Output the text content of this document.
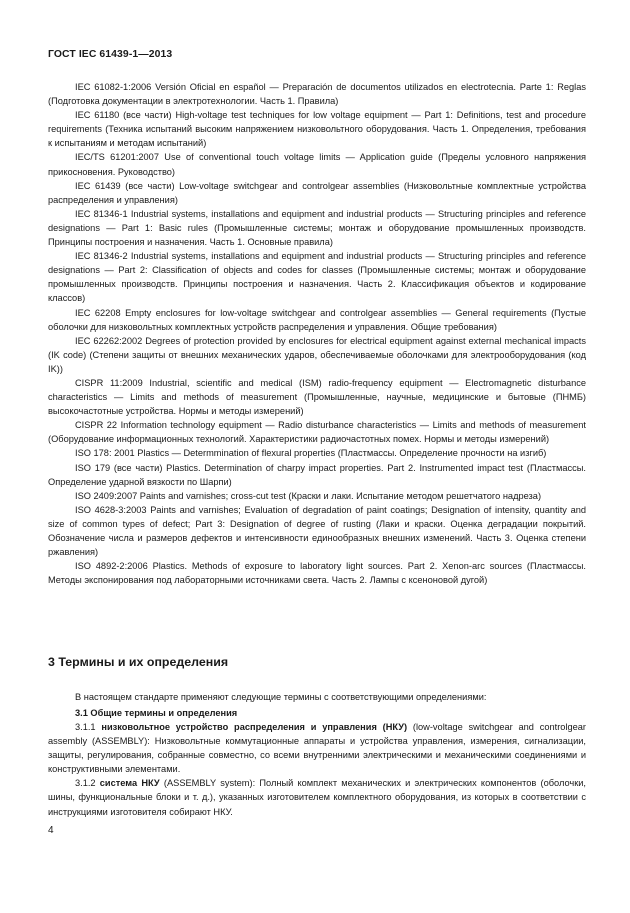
ГОСТ IEC 61439-1—2013

IEC 61082-1:2006 Versión Oficial en español — Preparación de documentos utilizados en electrotecnia. Parte 1: Reglas (Подготовка документации в электротехнологии. Часть 1. Правила)

IEC 61180 (все части) High-voltage test techniques for low voltage equipment — Part 1: Definitions, test and procedure requirements (Техника испытаний высоким напряжением низковольтного оборудования. Часть 1. Определения, требования к испытаниям и методам испытаний)

IEC/TS 61201:2007 Use of conventional touch voltage limits — Application guide (Пределы условного напряжения прикосновения. Руководство)

IEC 61439 (все части) Low-voltage switchgear and controlgear assemblies (Низковольтные комплектные устройства распределения и управления)

IEC 81346-1 Industrial systems, installations and equipment and industrial products — Structuring principles and reference designations — Part 1: Basic rules (Промышленные системы; монтаж и оборудование промышленных производств. Принципы построения и назначения. Часть 1. Основные правила)

IEC 81346-2 Industrial systems, installations and equipment and industrial products — Structuring principles and reference designations — Part 2: Classification of objects and codes for classes (Промышленные системы; монтаж и оборудование промышленных производств. Принципы построения и назначения. Часть 2. Классификация объектов и кодирование классов)

IEC 62208 Empty enclosures for low-voltage switchgear and controlgear assemblies — General requirements (Пустые оболочки для низковольтных комплектных устройств распределения и управления. Общие требования)

IEC 62262:2002 Degrees of protection provided by enclosures for electrical equipment against external mechanical impacts (IK code) (Степени защиты от внешних механических ударов, обеспечиваемые оболочками для электрооборудования (код IK))

CISPR 11:2009 Industrial, scientific and medical (ISM) radio-frequency equipment — Electromagnetic disturbance characteristics — Limits and methods of measurement (Промышленные, научные, медицинские и бытовые (ПНМБ) высокочастотные устройства. Нормы и методы измерений)

CISPR 22 Information technology equipment — Radio disturbance characteristics — Limits and methods of measurement (Оборудование информационных технологий. Характеристики радиочастотных помех. Нормы и методы измерений)

ISO 178: 2001 Plastics — Determmination of flexural properties (Пластмассы. Определение прочности на изгиб)

ISO 179 (все части) Plastics. Determination of charpy impact properties. Part 2. Instrumented impact test (Пластмассы. Определение ударной вязкости по Шарпи)

ISO 2409:2007 Paints and varnishes; cross-cut test (Краски и лаки. Испытание методом решетчатого надреза)

ISO 4628-3:2003 Paints and varnishes; Evaluation of degradation of paint coatings; Designation of intensity, quantity and size of common types of defect; Part 3: Designation of degree of rusting (Лаки и краски. Оценка деградации покрытий. Обозначение числа и размеров дефектов и интенсивности единообразных внешних изменений. Часть 3. Оценка степени ржавления)

ISO 4892-2:2006 Plastics. Methods of exposure to laboratory light sources. Part 2. Xenon-arc sources (Пластмассы. Методы экспонирования под лабораторными источниками света. Часть 2. Лампы с ксеноновой дугой)

3 Термины и их определения

В настоящем стандарте применяют следующие термины с соответствующими определениями:

3.1 Общие термины и определения

3.1.1 низковольтное устройство распределения и управления (НКУ) (low-voltage switchgear and controlgear assembly (ASSEMBLY): Низковольтные коммутационные аппараты и устройства управления, измерения, сигнализации, защиты, регулирования, собранные совместно, со всеми внутренними электрическими и механическими соединениями и конструктивными элементами.

3.1.2 система НКУ (ASSEMBLY system): Полный комплект механических и электрических компонентов (оболочки, шины, функциональные блоки и т. д.), указанных изготовителем комплектного оборудования, из которых в соответствии с инструкциями изготовителя собирают НКУ.

4
